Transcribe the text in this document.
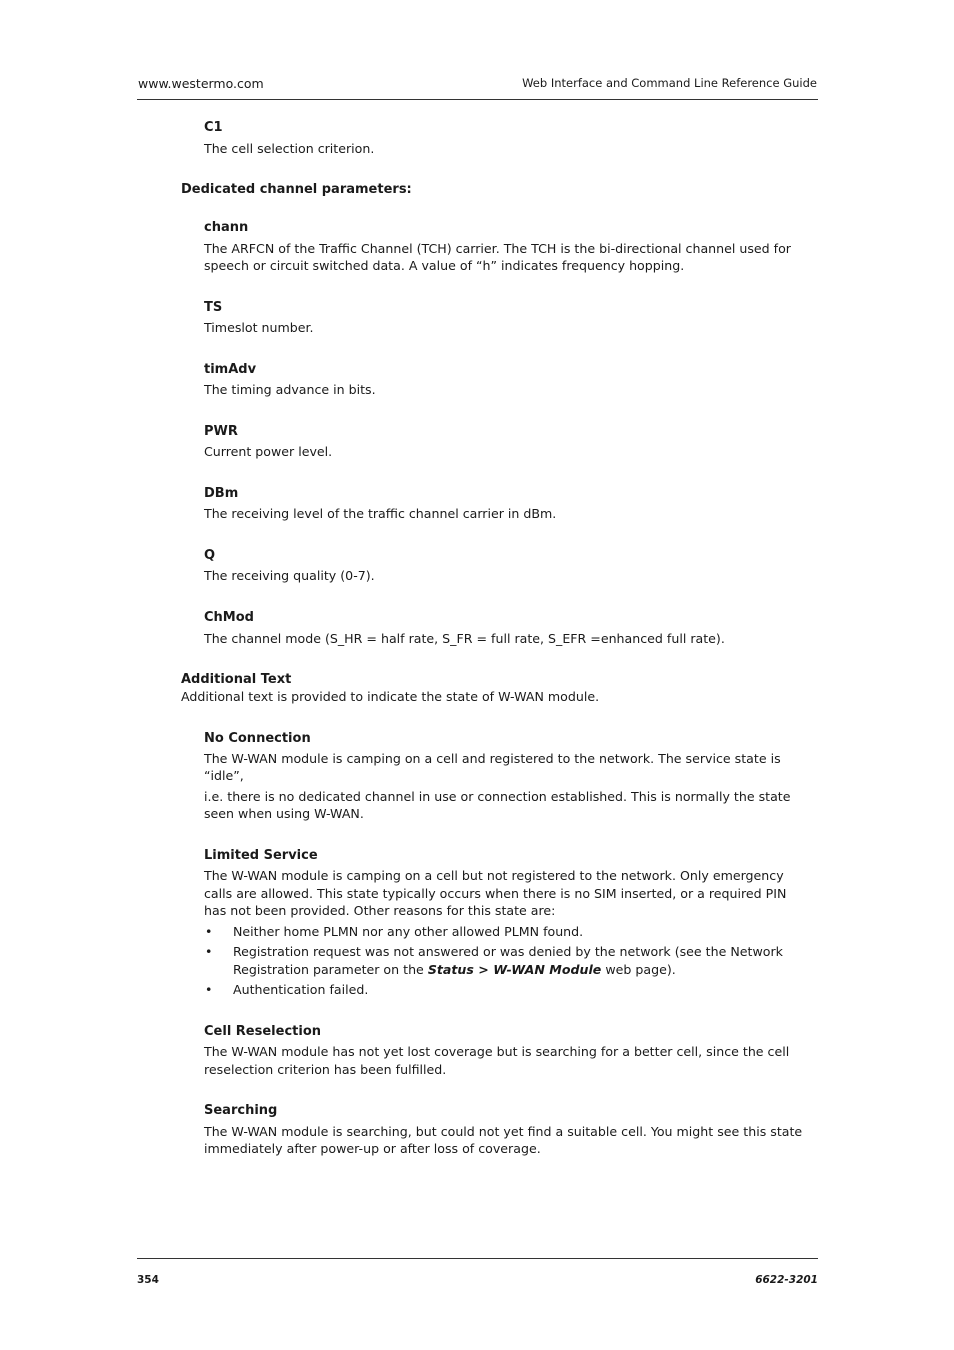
www.westermo.com	Web Interface and Command Line Reference Guide
C1
The cell selection criterion.
Dedicated channel parameters:
chann
The ARFCN of the Traffic Channel (TCH) carrier. The TCH is the bi-directional channel used for
speech or circuit switched data. A value of “h” indicates frequency hopping.
TS
Timeslot number.
timAdv
The timing advance in bits.
PWR
Current power level.
DBm
The receiving level of the traffic channel carrier in dBm.
Q
The receiving quality (0-7).
ChMod
The channel mode (S_HR = half rate, S_FR = full rate, S_EFR =enhanced full rate).
Additional Text
Additional text is provided to indicate the state of W-WAN module.
No Connection
The W-WAN module is camping on a cell and registered to the network. The service state is
“idle”,
i.e. there is no dedicated channel in use or connection established. This is normally the state
seen when using W-WAN.
Limited Service
The W-WAN module is camping on a cell but not registered to the network. Only emergency
calls are allowed. This state typically occurs when there is no SIM inserted, or a required PIN
has not been provided. Other reasons for this state are:
• Neither home PLMN nor any other allowed PLMN found.
• Registration request was not answered or was denied by the network (see the Network
Registration parameter on the Status > W-WAN Module web page).
• Authentication failed.
Cell Reselection
The W-WAN module has not yet lost coverage but is searching for a better cell, since the cell
reselection criterion has been fulfilled.
Searching
The W-WAN module is searching, but could not yet find a suitable cell. You might see this state
immediately after power-up or after loss of coverage.
354	6622-3201
